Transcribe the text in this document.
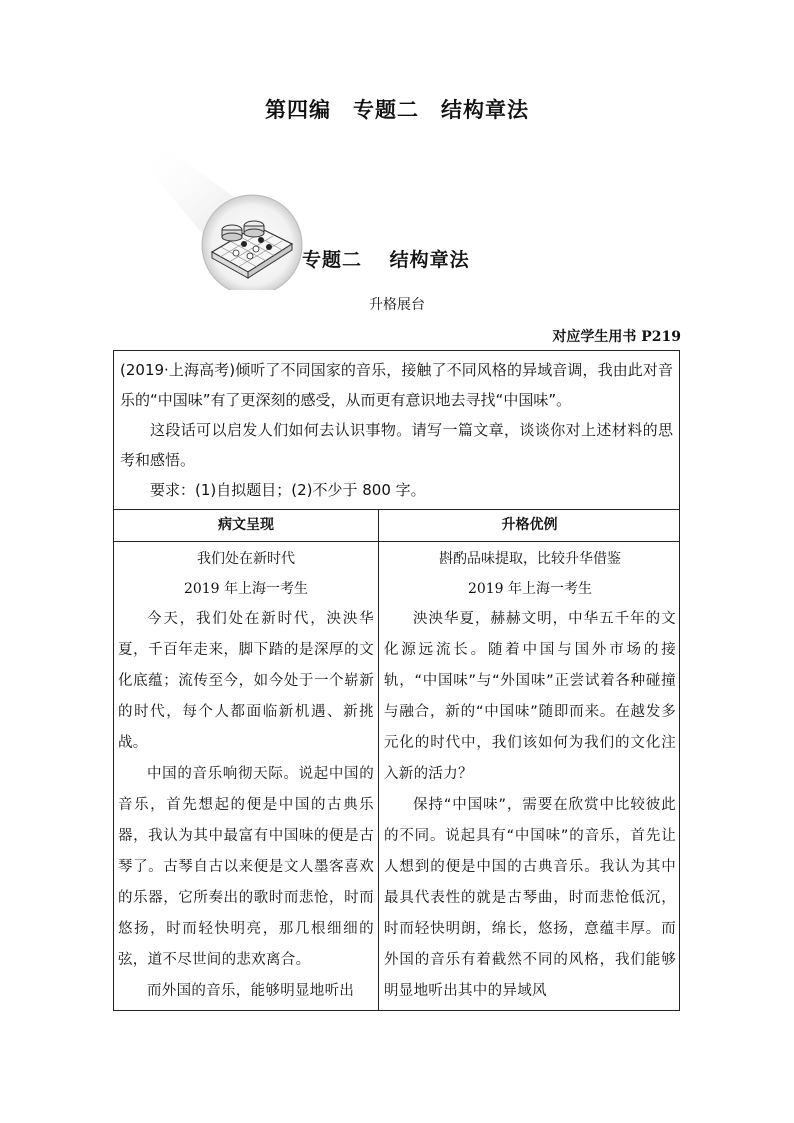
第四编　专题二　结构章法
专题二　 结构章法

升格展台

对应学生用书 P219

(2019·上海高考)倾听了不同国家的音乐，接触了不同风格的异域音调，我由此对音乐的“中国味”有了更深刻的感受，从而更有意识地去寻找“中国味”。

这段话可以启发人们如何去认识事物。请写一篇文章，谈谈你对上述材料的思考和感悟。

要求：(1)自拟题目；(2)不少于 800 字。

病文呈现	升格优例

我们处在新时代

2019 年上海一考生

今天，我们处在新时代，泱泱华夏，千百年走来，脚下踏的是深厚的文化底蕴；流传至今，如今处于一个崭新的时代，每个人都面临新机遇、新挑战。

中国的音乐响彻天际。说起中国的音乐，首先想起的便是中国的古典乐器，我认为其中最富有中国味的便是古琴了。古琴自古以来便是文人墨客喜欢的乐器，它所奏出的歌时而悲怆，时而悠扬，时而轻快明亮，那几根细细的弦，道不尽世间的悲欢离合。

而外国的音乐，能够明显地听出

斟酌品味提取，比较升华借鉴

2019 年上海一考生

泱泱华夏，赫赫文明，中华五千年的文化源远流长。随着中国与国外市场的接轨，“中国味”与“外国味”正尝试着各种碰撞与融合，新的“中国味”随即而来。在越发多元化的时代中，我们该如何为我们的文化注入新的活力？

保持“中国味”，需要在欣赏中比较彼此的不同。说起具有“中国味”的音乐，首先让人想到的便是中国的古典音乐。我认为其中最具代表性的就是古琴曲，时而悲怆低沉，时而轻快明朗，绵长，悠扬，意蕴丰厚。而外国的音乐有着截然不同的风格，我们能够明显地听出其中的异域风
